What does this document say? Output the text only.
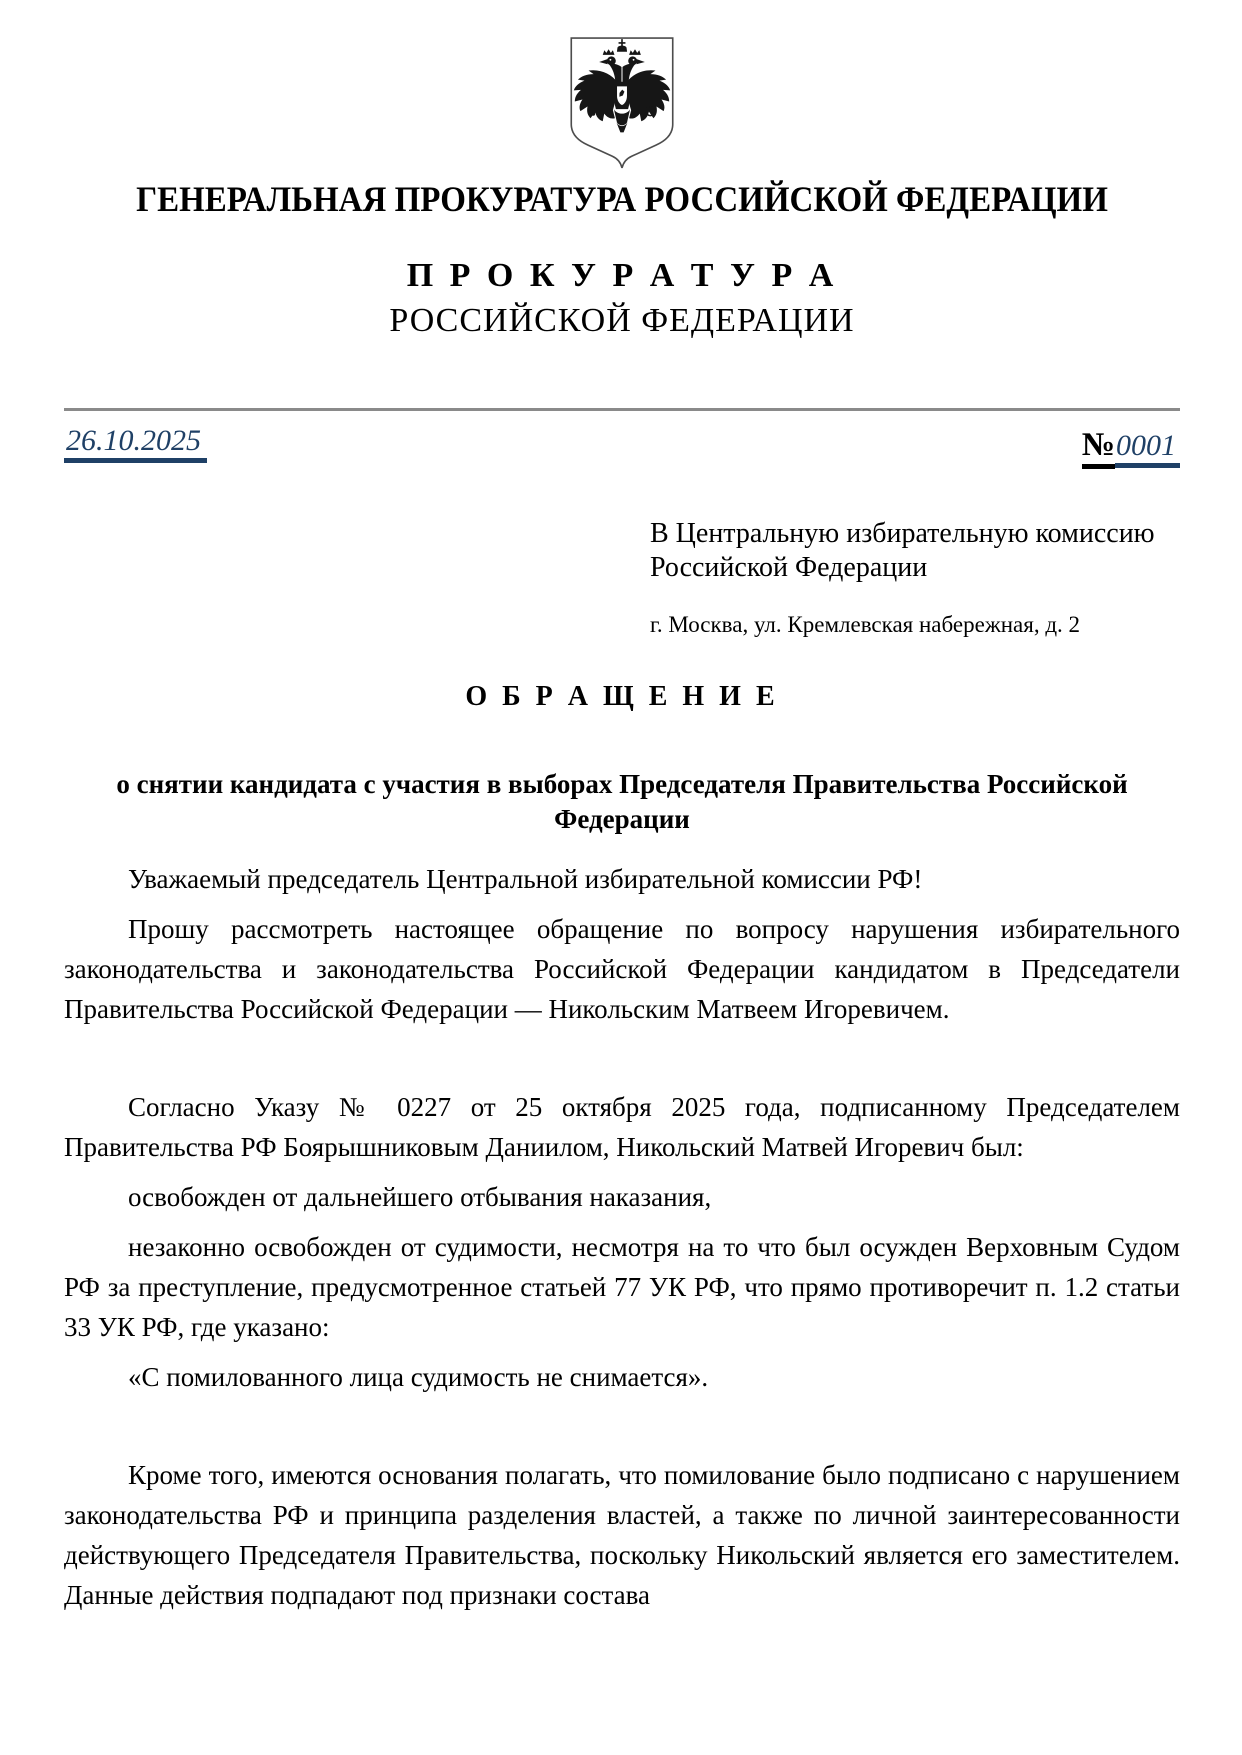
ГЕНЕРАЛЬНАЯ ПРОКУРАТУРА РОССИЙСКОЙ ФЕДЕРАЦИИ
П Р О К У Р А Т У Р А
РОССИЙСКОЙ ФЕДЕРАЦИИ
26.10.2025	№0001
В Центральную избирательную комиссию
Российской Федерации
г. Москва, ул. Кремлевская набережная, д. 2
О Б Р А Щ Е Н И Е
о снятии кандидата с участия в выборах Председателя Правительства Российской Федерации

Уважаемый председатель Центральной избирательной комиссии РФ!

Прошу рассмотреть настоящее обращение по вопросу нарушения избирательного законодательства и законодательства Российской Федерации кандидатом в Председатели Правительства Российской Федерации — Никольским Матвеем Игоревичем.

Согласно Указу № 0227 от 25 октября 2025 года, подписанному Председателем Правительства РФ Боярышниковым Даниилом, Никольский Матвей Игоревич был:

освобожден от дальнейшего отбывания наказания,

незаконно освобожден от судимости, несмотря на то что был осужден Верховным Судом РФ за преступление, предусмотренное статьей 77 УК РФ, что прямо противоречит п. 1.2 статьи 33 УК РФ, где указано:

«С помилованного лица судимость не снимается».

Кроме того, имеются основания полагать, что помилование было подписано с нарушением законодательства РФ и принципа разделения властей, а также по личной заинтересованности действующего Председателя Правительства, поскольку Никольский является его заместителем. Данные действия подпадают под признаки состава
